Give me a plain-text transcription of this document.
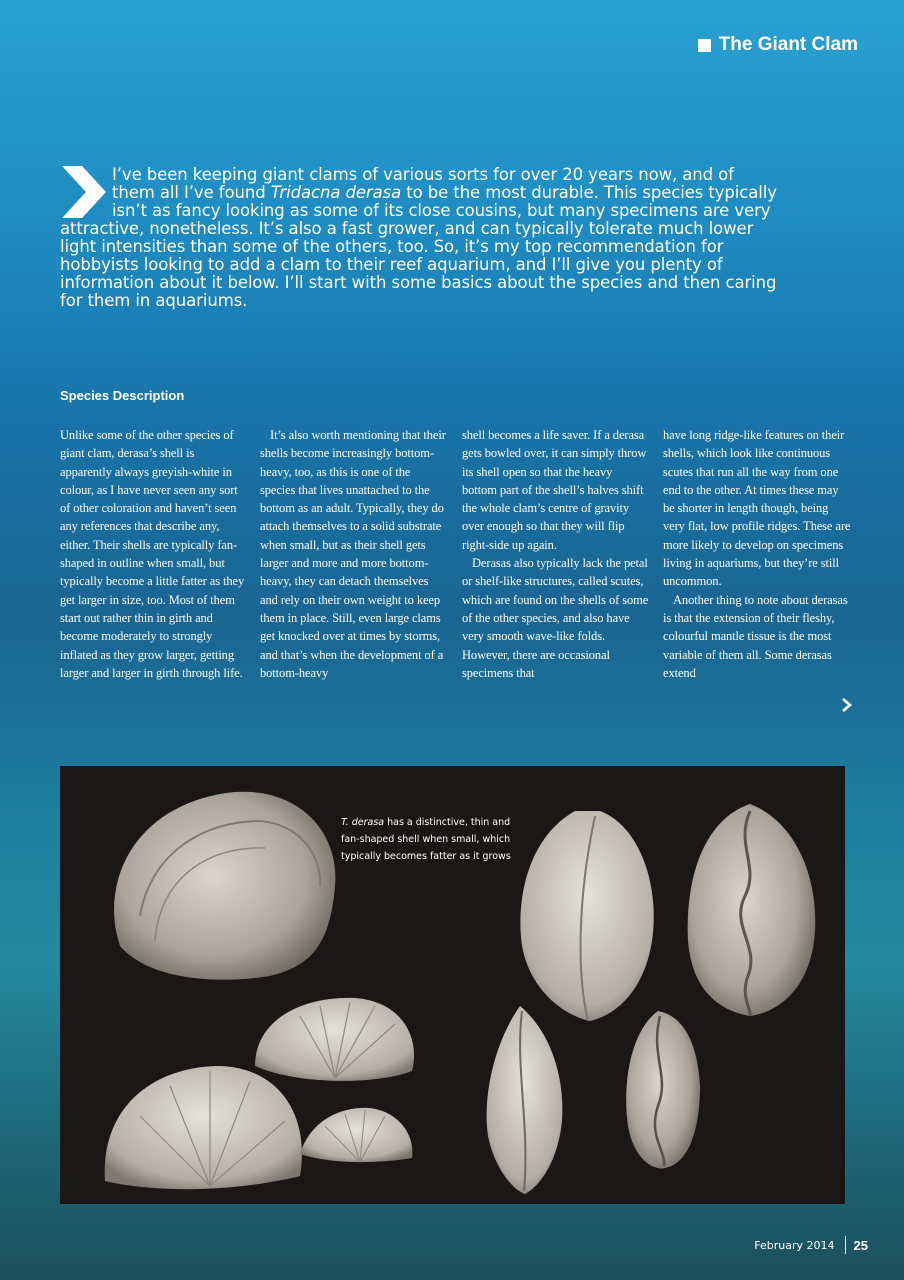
The Giant Clam

I’ve been keeping giant clams of various sorts for over 20 years now, and of them all I’ve found Tridacna derasa to be the most durable. This species typically isn’t as fancy looking as some of its close cousins, but many specimens are very attractive, nonetheless. It’s also a fast grower, and can typically tolerate much lower light intensities than some of the others, too. So, it’s my top recommendation for hobbyists looking to add a clam to their reef aquarium, and I’ll give you plenty of information about it below. I’ll start with some basics about the species and then caring for them in aquariums.

Species Description

Unlike some of the other species of giant clam, derasa’s shell is apparently always greyish-white in colour, as I have never seen any sort of other coloration and haven’t seen any references that describe any, either. Their shells are typically fan-shaped in outline when small, but typically become a little fatter as they get larger in size, too. Most of them start out rather thin in girth and become moderately to strongly inflated as they grow larger, getting larger and larger in girth through life.

It’s also worth mentioning that their shells become increasingly bottom-heavy, too, as this is one of the species that lives unattached to the bottom as an adult. Typically, they do attach themselves to a solid substrate when small, but as their shell gets larger and more and more bottom-heavy, they can detach themselves and rely on their own weight to keep them in place. Still, even large clams get knocked over at times by storms, and that’s when the development of a bottom-heavy

shell becomes a life saver. If a derasa gets bowled over, it can simply throw its shell open so that the heavy bottom part of the shell’s halves shift the whole clam’s centre of gravity over enough so that they will flip right-side up again.

Derasas also typically lack the petal or shelf-like structures, called scutes, which are found on the shells of some of the other species, and also have very smooth wave-like folds. However, there are occasional specimens that

have long ridge-like features on their shells, which look like continuous scutes that run all the way from one end to the other. At times these may be shorter in length though, being very flat, low profile ridges. These are more likely to develop on specimens living in aquariums, but they’re still uncommon.

Another thing to note about derasas is that the extension of their fleshy, colourful mantle tissue is the most variable of them all. Some derasas extend

T. derasa has a distinctive, thin and fan-shaped shell when small, which typically becomes fatter as it grows
February 2014 25
